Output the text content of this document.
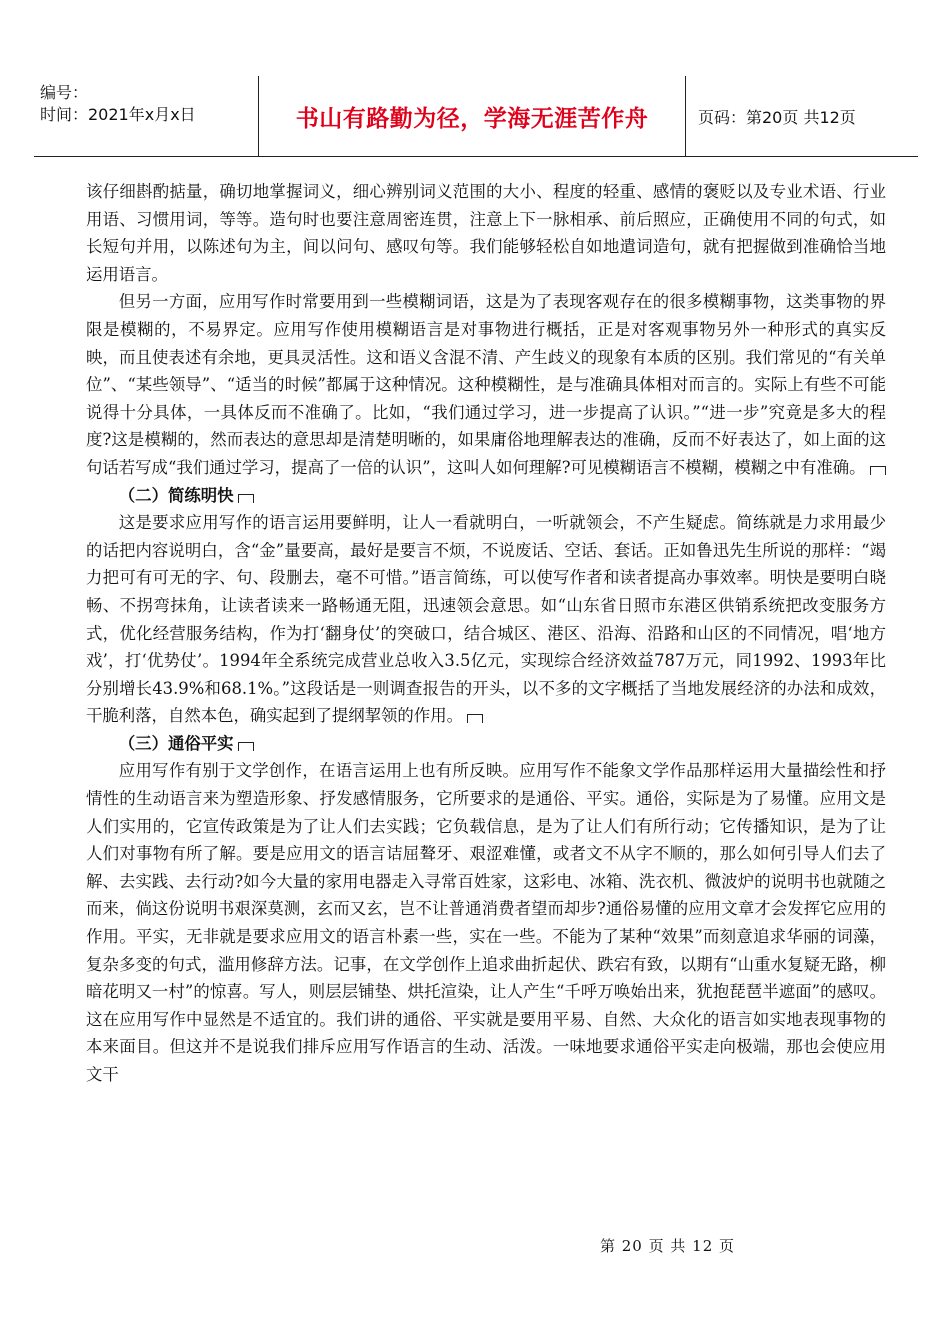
编号：
时间：2021年x月x日	书山有路勤为径，学海无涯苦作舟	页码：第20页 共12页

该仔细斟酌掂量，确切地掌握词义，细心辨别词义范围的大小、程度的轻重、感情的褒贬以及专业术语、行业用语、习惯用词，等等。造句时也要注意周密连贯，注意上下一脉相承、前后照应，正确使用不同的句式，如长短句并用，以陈述句为主，间以问句、感叹句等。我们能够轻松自如地遣词造句，就有把握做到准确恰当地运用语言。

但另一方面，应用写作时常要用到一些模糊词语，这是为了表现客观存在的很多模糊事物，这类事物的界限是模糊的，不易界定。应用写作使用模糊语言是对事物进行概括，正是对客观事物另外一种形式的真实反映，而且使表述有余地，更具灵活性。这和语义含混不清、产生歧义的现象有本质的区别。我们常见的“有关单位”、“某些领导”、“适当的时候”都属于这种情况。这种模糊性，是与准确具体相对而言的。实际上有些不可能说得十分具体，一具体反而不准确了。比如，“我们通过学习，进一步提高了认识。”“进一步”究竟是多大的程度?这是模糊的，然而表达的意思却是清楚明晰的，如果庸俗地理解表达的准确，反而不好表达了，如上面的这句话若写成“我们通过学习，提高了一倍的认识”，这叫人如何理解?可见模糊语言不模糊，模糊之中有准确。

（二）简练明快

这是要求应用写作的语言运用要鲜明，让人一看就明白，一听就领会，不产生疑虑。简练就是力求用最少的话把内容说明白，含“金”量要高，最好是要言不烦，不说废话、空话、套话。正如鲁迅先生所说的那样：“竭力把可有可无的字、句、段删去，毫不可惜。”语言简练，可以使写作者和读者提高办事效率。明快是要明白晓畅、不拐弯抹角，让读者读来一路畅通无阻，迅速领会意思。如“山东省日照市东港区供销系统把改变服务方式，优化经营服务结构，作为打‘翻身仗’的突破口，结合城区、港区、沿海、沿路和山区的不同情况，唱‘地方戏’，打‘优势仗’。1994年全系统完成营业总收入3.5亿元，实现综合经济效益787万元，同1992、1993年比分别增长43.9%和68.1%。”这段话是一则调查报告的开头，以不多的文字概括了当地发展经济的办法和成效，干脆利落，自然本色，确实起到了提纲挈领的作用。

（三）通俗平实

应用写作有别于文学创作，在语言运用上也有所反映。应用写作不能象文学作品那样运用大量描绘性和抒情性的生动语言来为塑造形象、抒发感情服务，它所要求的是通俗、平实。通俗，实际是为了易懂。应用文是人们实用的，它宣传政策是为了让人们去实践；它负载信息，是为了让人们有所行动；它传播知识，是为了让人们对事物有所了解。要是应用文的语言诘屈聱牙、艰涩难懂，或者文不从字不顺的，那么如何引导人们去了解、去实践、去行动?如今大量的家用电器走入寻常百姓家，这彩电、冰箱、洗衣机、微波炉的说明书也就随之而来，倘这份说明书艰深莫测，玄而又玄，岂不让普通消费者望而却步?通俗易懂的应用文章才会发挥它应用的作用。平实，无非就是要求应用文的语言朴素一些，实在一些。不能为了某种“效果”而刻意追求华丽的词藻，复杂多变的句式，滥用修辞方法。记事，在文学创作上追求曲折起伏、跌宕有致，以期有“山重水复疑无路，柳暗花明又一村”的惊喜。写人，则层层铺垫、烘托渲染，让人产生“千呼万唤始出来，犹抱琵琶半遮面”的感叹。这在应用写作中显然是不适宜的。我们讲的通俗、平实就是要用平易、自然、大众化的语言如实地表现事物的本来面目。但这并不是说我们排斥应用写作语言的生动、活泼。一味地要求通俗平实走向极端，那也会使应用文干

第 20 页 共 12 页
